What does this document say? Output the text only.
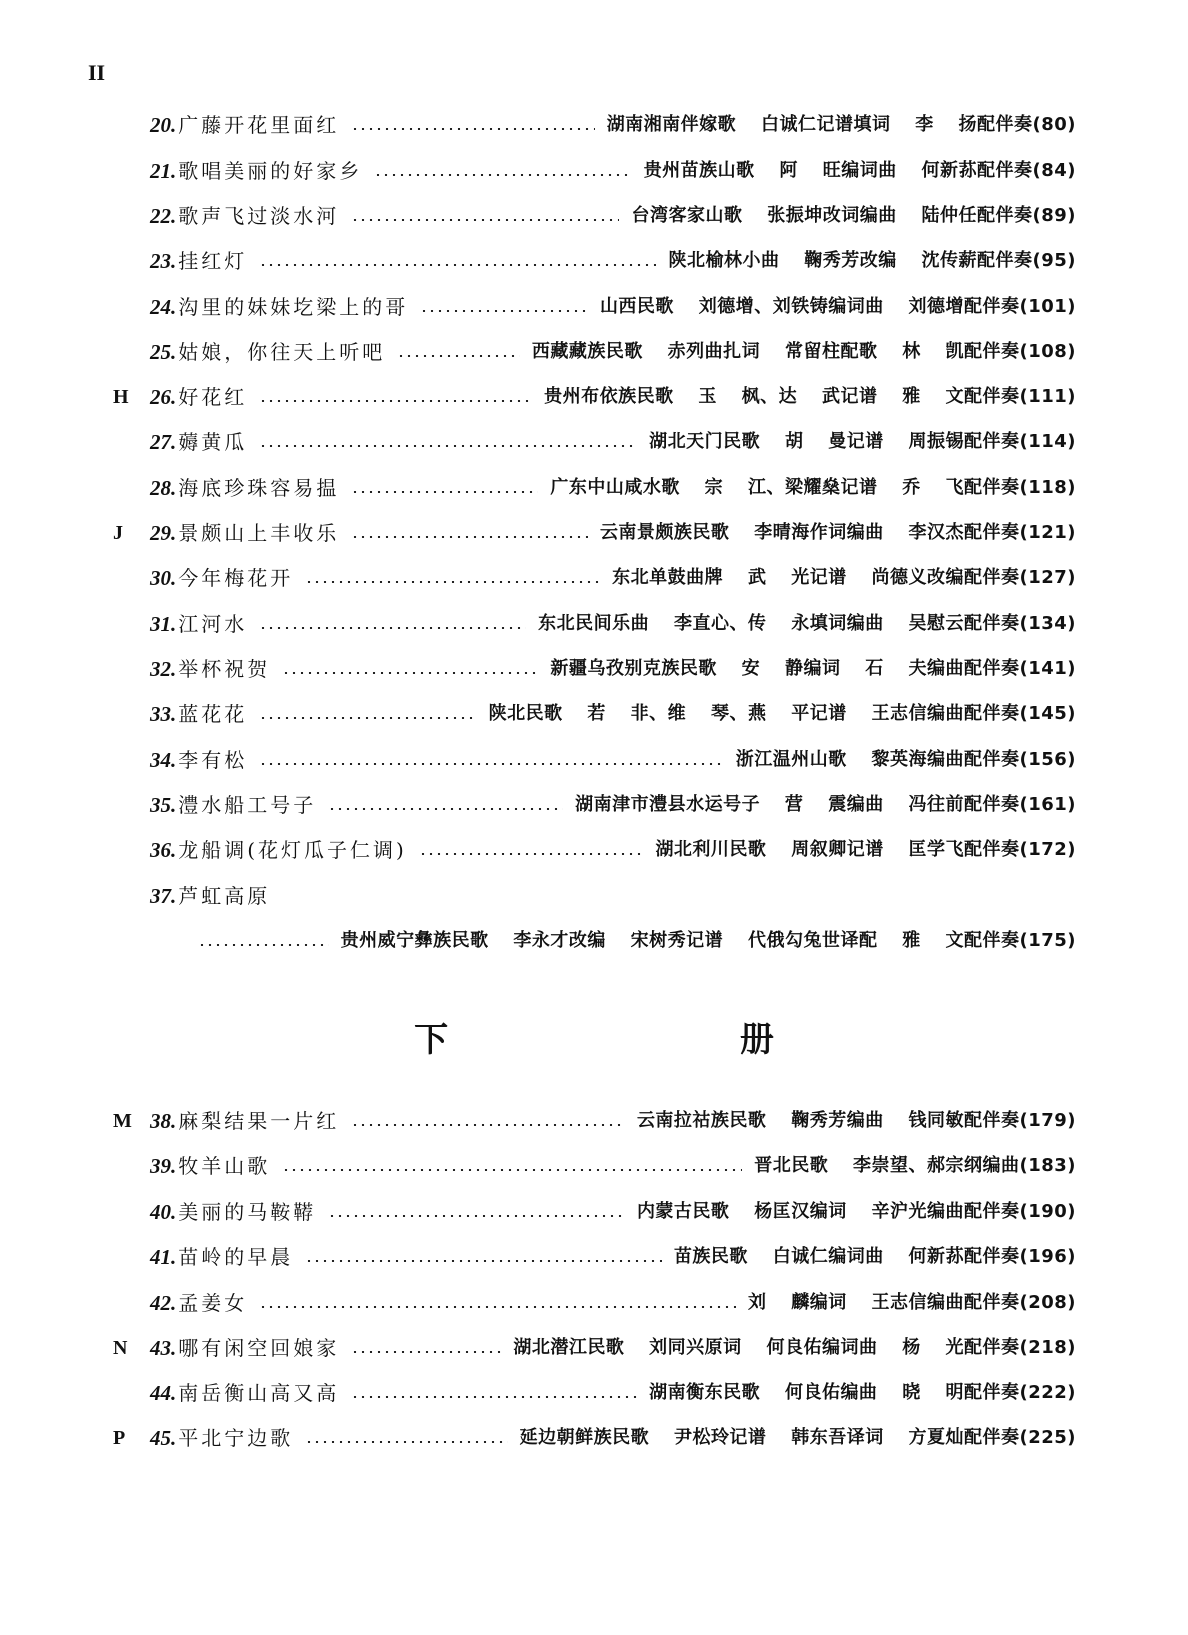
II
20. 广藤开花里面红	湖南湘南伴嫁歌 白诚仁记谱填词 李 扬配伴奏(80)
21. 歌唱美丽的好家乡	贵州苗族山歌 阿 旺编词曲 何新荪配伴奏(84)
22. 歌声飞过淡水河	台湾客家山歌 张振坤改词编曲 陆仲任配伴奏(89)
23. 挂红灯	陕北榆林小曲 鞠秀芳改编 沈传薪配伴奏(95)
24. 沟里的妹妹圪梁上的哥	山西民歌 刘德增、刘铁铸编词曲 刘德增配伴奏(101)
25. 姑娘，你往天上听吧	西藏藏族民歌 赤列曲扎词 常留柱配歌 林 凯配伴奏(108)
H 26. 好花红	贵州布依族民歌 玉 枫、达 武记谱 雅 文配伴奏(111)
27. 薅黄瓜	湖北天门民歌 胡 曼记谱 周振锡配伴奏(114)
28. 海底珍珠容易揾	广东中山咸水歌 宗 江、梁耀燊记谱 乔 飞配伴奏(118)
J 29. 景颇山上丰收乐	云南景颇族民歌 李晴海作词编曲 李汉杰配伴奏(121)
30. 今年梅花开	东北单鼓曲牌 武 光记谱 尚德义改编配伴奏(127)
31. 江河水	东北民间乐曲 李直心、传 永填词编曲 吴慰云配伴奏(134)
32. 举杯祝贺	新疆乌孜别克族民歌 安 静编词 石 夫编曲配伴奏(141)
33. 蓝花花	陕北民歌 若 非、维 琴、燕 平记谱 王志信编曲配伴奏(145)
34. 李有松	浙江温州山歌 黎英海编曲配伴奏(156)
35. 澧水船工号子	湖南津市澧县水运号子 营 震编曲 冯往前配伴奏(161)
36. 龙船调(花灯瓜子仁调)	湖北利川民歌 周叙卿记谱 匡学飞配伴奏(172)
37. 芦虹高原
贵州威宁彝族民歌 李永才改编 宋树秀记谱 代俄勾兔世译配 雅 文配伴奏(175)
M 38. 麻梨结果一片红	云南拉祜族民歌 鞠秀芳编曲 钱同敏配伴奏(179)
39. 牧羊山歌	晋北民歌 李崇望、郝宗纲编曲(183)
40. 美丽的马鞍鞯	内蒙古民歌 杨匡汉编词 辛沪光编曲配伴奏(190)
41. 苗岭的早晨	苗族民歌 白诚仁编词曲 何新荪配伴奏(196)
42. 孟姜女	刘 麟编词 王志信编曲配伴奏(208)
N 43. 哪有闲空回娘家	湖北潜江民歌 刘同兴原词 何良佑编词曲 杨 光配伴奏(218)
44. 南岳衡山高又高	湖南衡东民歌 何良佑编曲 晓 明配伴奏(222)
P 45. 平北宁边歌	延边朝鲜族民歌 尹松玲记谱 韩东吾译词 方夏灿配伴奏(225)
下 册
